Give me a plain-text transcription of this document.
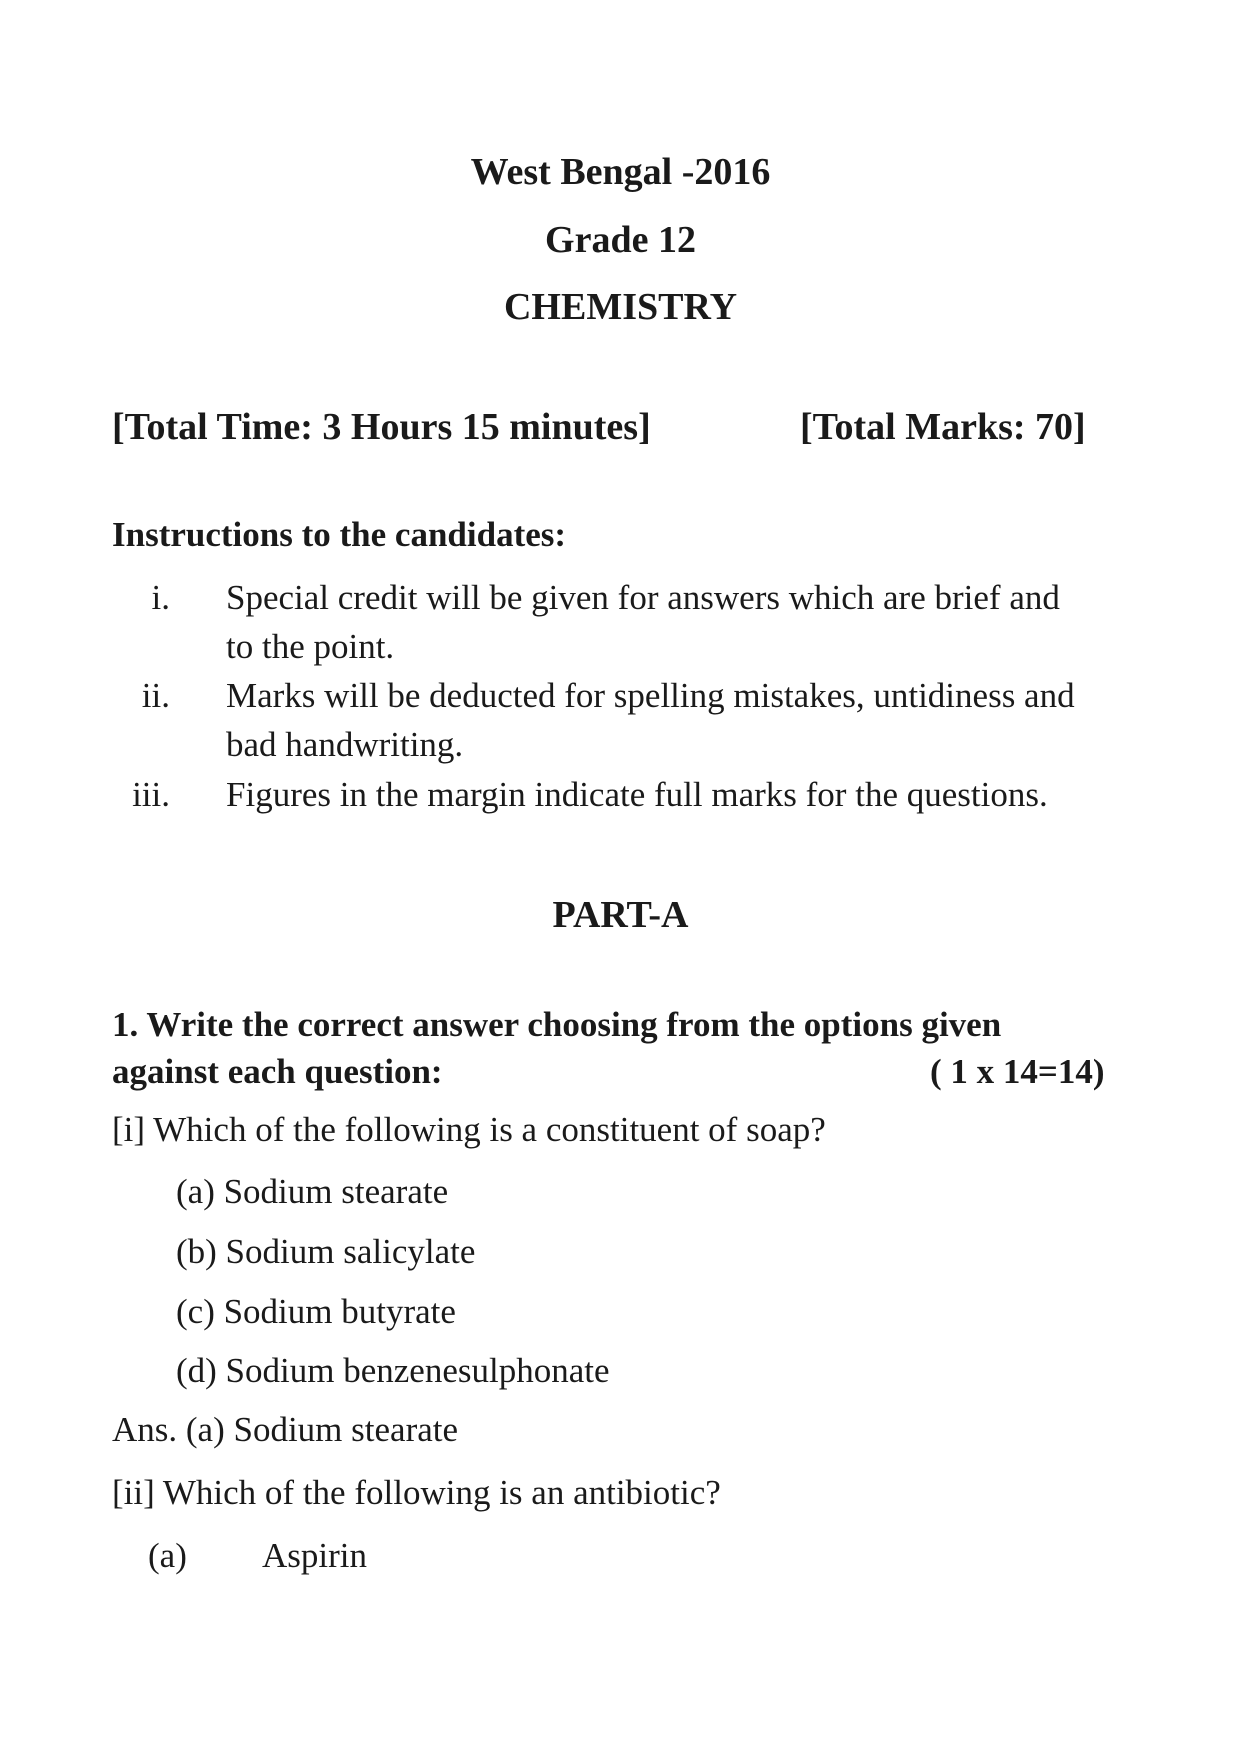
West Bengal -2016
Grade 12
CHEMISTRY
[Total Time: 3 Hours 15 minutes]	[Total Marks: 70]
Instructions to the candidates:
i. Special credit will be given for answers which are brief and
to the point.
ii. Marks will be deducted for spelling mistakes, untidiness and
bad handwriting.
iii. Figures in the margin indicate full marks for the questions.
PART-A
1. Write the correct answer choosing from the options given
against each question:	( 1 x 14=14)
[i] Which of the following is a constituent of soap?
(a) Sodium stearate
(b) Sodium salicylate
(c) Sodium butyrate
(d) Sodium benzenesulphonate
Ans. (a) Sodium stearate
[ii] Which of the following is an antibiotic?
(a) Aspirin
